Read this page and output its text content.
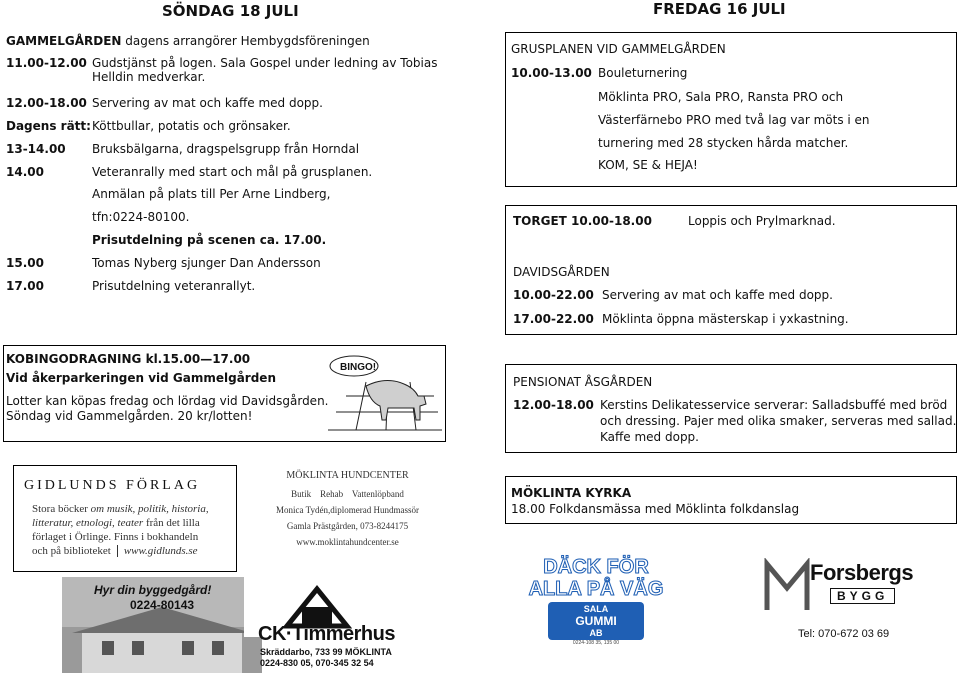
SÖNDAG 18 JULI
GAMMELGÅRDEN dagens arrangörer Hembygdsföreningen
11.00-12.00 Gudstjänst på logen. Sala Gospel under ledning av Tobias
Helldin medverkar.
12.00-18.00 Servering av mat och kaffe med dopp.
Dagens rätt: Köttbullar, potatis och grönsaker.
13-14.00 Bruksbälgarna, dragspelsgrupp från Horndal
14.00	Veteranrally med start och mål på grusplanen.
Anmälan på plats till Per Arne Lindberg,
tfn:0224-80100.
Prisutdelning på scenen ca. 17.00.
15.00	Tomas Nyberg sjunger Dan Andersson
17.00	Prisutdelning veteranrallyt.
FREDAG 16 JULI
GRUSPLANEN VID GAMMELGÅRDEN
10.00-13.00 Bouleturnering
Möklinta PRO, Sala PRO, Ransta PRO och
Västerfärnebo PRO med två lag var möts i en
turnering med 28 stycken hårda matcher.
KOM, SE & HEJA!
TORGET 10.00-18.00	Loppis och Prylmarknad.
DAVIDSGÅRDEN
10.00-22.00 Servering av mat och kaffe med dopp.
17.00-22.00 Möklinta öppna mästerskap i yxkastning.
KOBINGODRAGNING kl.15.00—17.00
Vid åkerparkeringen vid Gammelgården
Lotter kan köpas fredag och lördag vid Davidsgården.
Söndag vid Gammelgården. 20 kr/lotten!
BINGO!
PENSIONAT ÅSGÅRDEN
12.00-18.00 Kerstins Delikatesservice serverar: Salladsbuffé med bröd
och dressing. Pajer med olika smaker, serveras med sallad.
Kaffe med dopp.
MÖKLINTA KYRKA
18.00 Folkdansmässa med Möklinta folkdanslag
GIDLUNDS FÖRLAG
Stora böcker om musik, politik, historia,
litteratur, etnologi, teater från det lilla
förlaget i Örlinge. Finns i bokhandeln
och på biblioteket www.gidlunds.se
MÖKLINTA HUNDCENTER
Butik    Rehab    Vattenlöpband
Monica Tydén,diplomerad Hundmassör
Gamla Prästgården, 073-8244175
www.moklintahundcenter.se
Hyr din byggedgård!
0224-80143
CK·Timmerhus
Skräddarbo, 733 99 MÖKLINTA
0224-830 05, 070-345 32 54
DÄCK FÖR
ALLA PÅ VÄG
SALA
GUMMI
AB
0224-108 35, 135 00
Forsbergs
BYGG
Tel: 070-672 03 69
